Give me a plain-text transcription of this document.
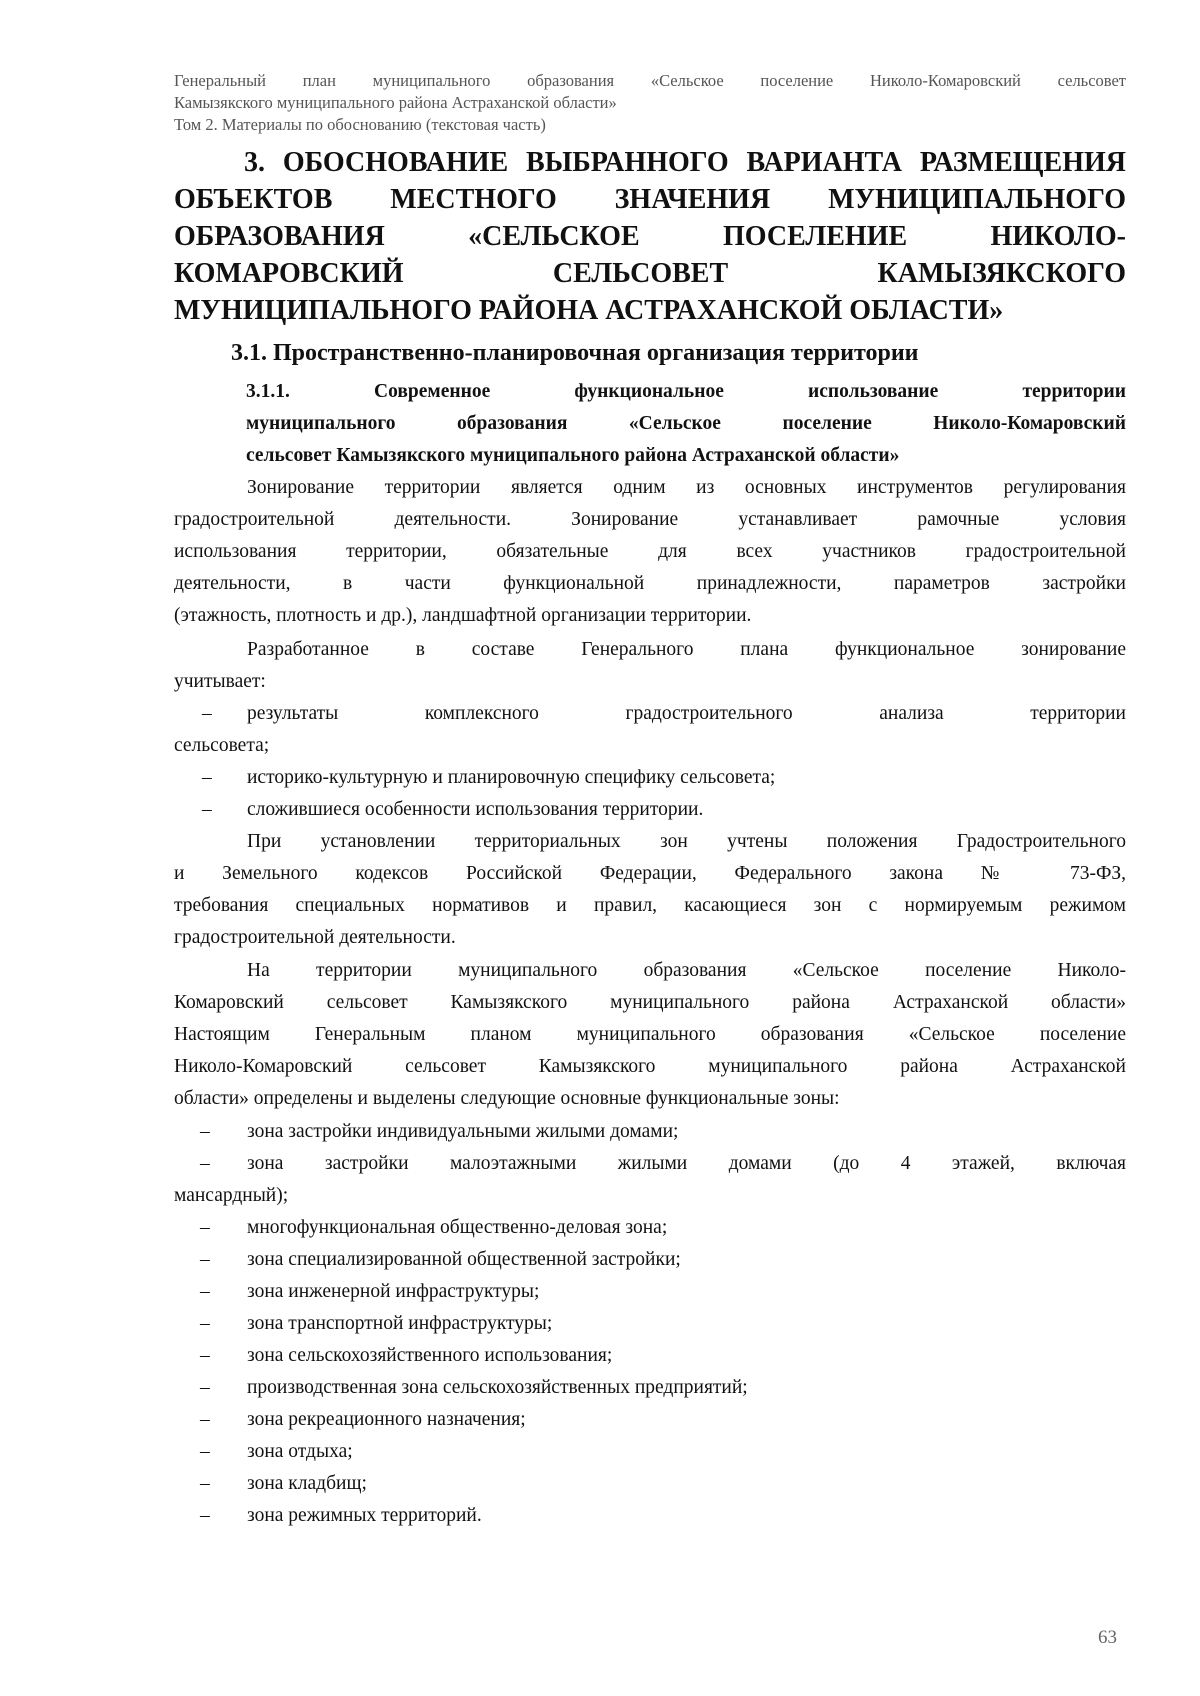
Генеральный план муниципального образования «Сельское поселение Николо-Комаровский сельсовет
Камызякского муниципального района Астраханской области»
Том 2. Материалы по обоснованию (текстовая часть)
3. ОБОСНОВАНИЕ ВЫБРАННОГО ВАРИАНТА РАЗМЕЩЕНИЯ
ОБЪЕКТОВ МЕСТНОГО ЗНАЧЕНИЯ МУНИЦИПАЛЬНОГО
ОБРАЗОВАНИЯ «СЕЛЬСКОЕ ПОСЕЛЕНИЕ НИКОЛО-
КОМАРОВСКИЙ СЕЛЬСОВЕТ КАМЫЗЯКСКОГО
МУНИЦИПАЛЬНОГО РАЙОНА АСТРАХАНСКОЙ ОБЛАСТИ»
3.1. Пространственно-планировочная организация территории
3.1.1. Современное функциональное использование территории
муниципального образования «Сельское поселение Николо-Комаровский
сельсовет Камызякского муниципального района Астраханской области»
Зонирование территории является одним из основных инструментов регулирования
градостроительной деятельности. Зонирование устанавливает рамочные условия
использования территории, обязательные для всех участников градостроительной
деятельности, в части функциональной принадлежности, параметров застройки
(этажность, плотность и др.), ландшафтной организации территории.
Разработанное в составе Генерального плана функциональное зонирование
учитывает:
–	результаты комплексного градостроительного анализа территории
сельсовета;
–	историко-культурную и планировочную специфику сельсовета;
–	сложившиеся особенности использования территории.
При установлении территориальных зон учтены положения Градостроительного
и Земельного кодексов Российской Федерации, Федерального закона № 73-ФЗ,
требования специальных нормативов и правил, касающиеся зон с нормируемым режимом
градостроительной деятельности.
На территории муниципального образования «Сельское поселение Николо-
Комаровский сельсовет Камызякского муниципального района Астраханской области»
Настоящим Генеральным планом муниципального образования «Сельское поселение
Николо-Комаровский сельсовет Камызякского муниципального района Астраханской
области» определены и выделены следующие основные функциональные зоны:
–	зона застройки индивидуальными жилыми домами;
–	зона застройки малоэтажными жилыми домами (до 4 этажей, включая
мансардный);
–	многофункциональная общественно-деловая зона;
–	зона специализированной общественной застройки;
–	зона инженерной инфраструктуры;
–	зона транспортной инфраструктуры;
–	зона сельскохозяйственного использования;
–	производственная зона сельскохозяйственных предприятий;
–	зона рекреационного назначения;
–	зона отдыха;
–	зона кладбищ;
–	зона режимных территорий.
63
